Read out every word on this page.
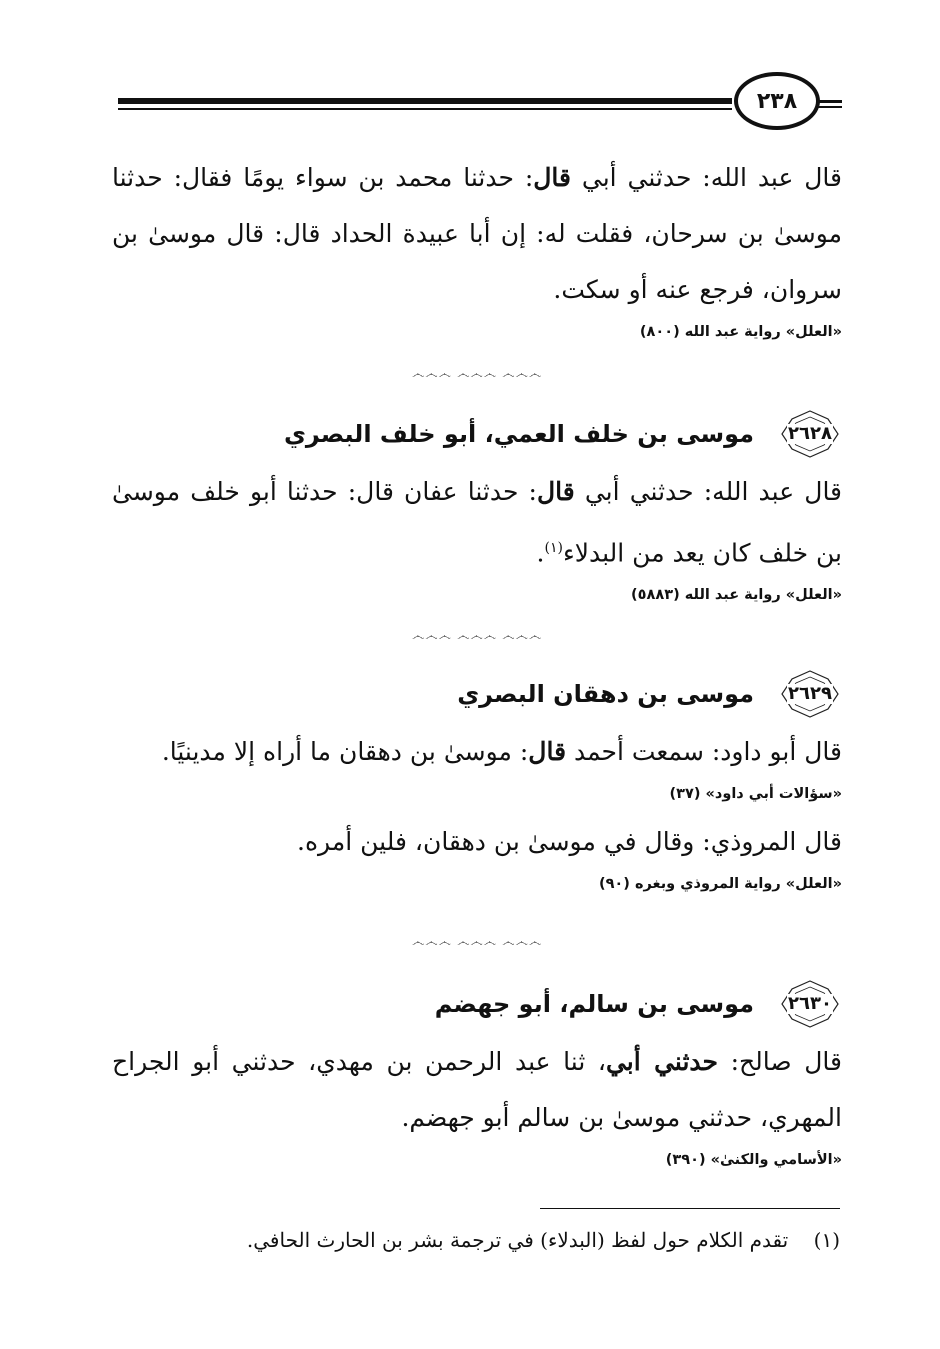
٢٣٨
قال عبد الله: حدثني أبي قال: حدثنا محمد بن سواء يومًا فقال: حدثنا موسىٰ بن سرحان، فقلت له: إن أبا عبيدة الحداد قال: قال موسىٰ بن سروان، فرجع عنه أو سكت.
«العلل» رواية عبد الله (٨٠٠)
෴෴෴ ෴෴෴ ෴෴෴
٢٦٢٨
موسى بن خلف العمي، أبو خلف البصري
قال عبد الله: حدثني أبي قال: حدثنا عفان قال: حدثنا أبو خلف موسىٰ بن خلف كان يعد من البدلاء$^{(١)}$.
«العلل» رواية عبد الله (٥٨٨٣)
෴෴෴ ෴෴෴ ෴෴෴
٢٦٢٩
موسى بن دهقان البصري
قال أبو داود: سمعت أحمد قال: موسىٰ بن دهقان ما أراه إلا مدينيًا.
«سؤالات أبي داود» (٣٧)
قال المروذي: وقال في موسىٰ بن دهقان، فلين أمره.
«العلل» رواية المروذي وبغره (٩٠)
෴෴෴ ෴෴෴ ෴෴෴
٢٦٣٠
موسى بن سالم، أبو جهضم
قال صالح: حدثني أبي، ثنا عبد الرحمن بن مهدي، حدثني أبو الجراح المهري، حدثني موسىٰ بن سالم أبو جهضم.
«الأسامي والكنىٰ» (٣٩٠)
(١)    تقدم الكلام حول لفظ (البدلاء) في ترجمة بشر بن الحارث الحافي.
